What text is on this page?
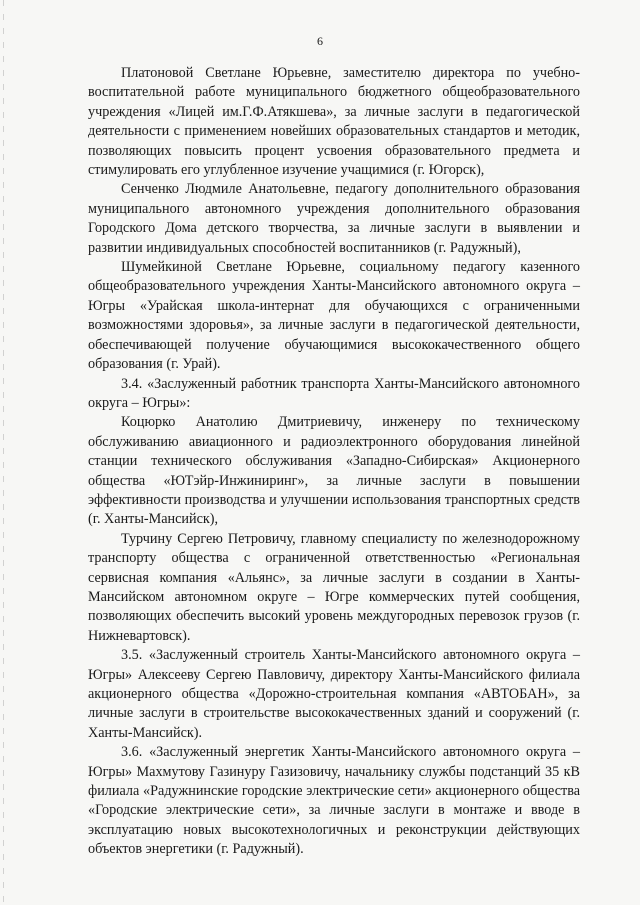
6

Платоновой Светлане Юрьевне, заместителю директора по учебно-воспитательной работе муниципального бюджетного общеобразовательного учреждения «Лицей им.Г.Ф.Атякшева», за личные заслуги в педагогической деятельности с применением новейших образовательных стандартов и методик, позволяющих повысить процент усвоения образовательного предмета и стимулировать его углубленное изучение учащимися (г. Югорск),

Сенченко Людмиле Анатольевне, педагогу дополнительного образования муниципального автономного учреждения дополнительного образования Городского Дома детского творчества, за личные заслуги в выявлении и развитии индивидуальных способностей воспитанников (г. Радужный),

Шумейкиной Светлане Юрьевне, социальному педагогу казенного общеобразовательного учреждения Ханты-Мансийского автономного округа – Югры «Урайская школа-интернат для обучающихся с ограниченными возможностями здоровья», за личные заслуги в педагогической деятельности, обеспечивающей получение обучающимися высококачественного общего образования (г. Урай).

3.4. «Заслуженный работник транспорта Ханты-Мансийского автономного округа – Югры»:

Коцюрко Анатолию Дмитриевичу, инженеру по техническому обслуживанию авиационного и радиоэлектронного оборудования линейной станции технического обслуживания «Западно-Сибирская» Акционерного общества «ЮТэйр-Инжиниринг», за личные заслуги в повышении эффективности производства и улучшении использования транспортных средств (г. Ханты-Мансийск),

Турчину Сергею Петровичу, главному специалисту по железнодорожному транспорту общества с ограниченной ответственностью «Региональная сервисная компания «Альянс», за личные заслуги в создании в Ханты-Мансийском автономном округе – Югре коммерческих путей сообщения, позволяющих обеспечить высокий уровень междугородных перевозок грузов (г. Нижневартовск).

3.5. «Заслуженный строитель Ханты-Мансийского автономного округа – Югры» Алексееву Сергею Павловичу, директору Ханты-Мансийского филиала акционерного общества «Дорожно-строительная компания «АВТОБАН», за личные заслуги в строительстве высококачественных зданий и сооружений (г. Ханты-Мансийск).

3.6. «Заслуженный энергетик Ханты-Мансийского автономного округа – Югры» Махмутову Газинуру Газизовичу, начальнику службы подстанций 35 кВ филиала «Радужнинские городские электрические сети» акционерного общества «Городские электрические сети», за личные заслуги в монтаже и вводе в эксплуатацию новых высокотехнологичных и реконструкции действующих объектов энергетики (г. Радужный).
